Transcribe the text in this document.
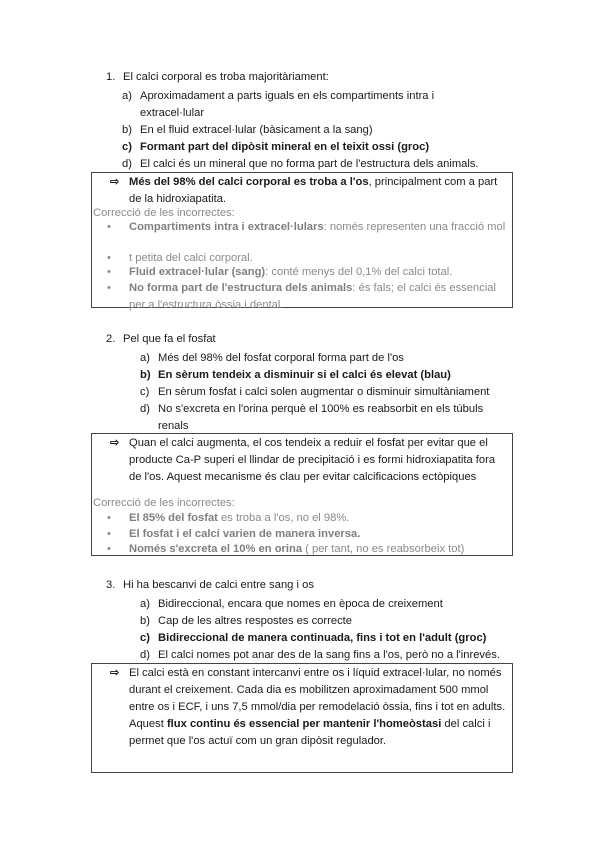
1. El calci corporal es troba majoritàriament:
a) Aproximadament a parts iguals en els compartiments intra i
extracel·lular
b) En el fluid extracel·lular (bàsicament a la sang)
c) Formant part del dipòsit mineral en el teixit ossi (groc)
d) El calci és un mineral que no forma part de l'estructura dels animals.
⇨ Més del 98% del calci corporal es troba a l'os, principalment com a part de la hidroxiapatita.
Correcció de les incorrectes:
• Compartiments intra i extracel·lulars: només representen una fracció mol
• t petita del calci corporal.
• Fluid extracel·lular (sang): conté menys del 0,1% del calci total.
• No forma part de l'estructura dels animals: és fals; el calci és essencial per a l'estructura òssia i dental.
2. Pel que fa el fosfat
a) Més del 98% del fosfat corporal forma part de l'os
b) En sèrum tendeix a disminuir si el calci és elevat (blau)
c) En sèrum fosfat i calci solen augmentar o disminuir simultàniament
d) No s'excreta en l'orina perquè el 100% es reabsorbit en els túbuls
renals
⇨ Quan el calci augmenta, el cos tendeix a reduir el fosfat per evitar que el producte Ca-P superi el llindar de precipitació i es formi hidroxiapatita fora de l'os. Aquest mecanisme és clau per evitar calcificacions ectòpiques
Correcció de les incorrectes:
• El 85% del fosfat es troba a l'os, no el 98%.
• El fosfat i el calci varien de manera inversa.
• Només s'excreta el 10% en orina ( per tant, no es reabsorbeix tot)
3. Hi ha bescanvi de calci entre sang i os
a) Bidireccional, encara que nomes en època de creixement
b) Cap de les altres respostes es correcte
c) Bidireccional de manera continuada, fins i tot en l'adult (groc)
d) El calci nomes pot anar des de la sang fins a l'os, però no a l'inrevés.
⇨ El calci està en constant intercanvi entre os i líquid extracel·lular, no només durant el creixement. Cada dia es mobilitzen aproximadament 500 mmol entre os i ECF, i uns 7,5 mmol/dia per remodelació òssia, fins i tot en adults. Aquest flux continu és essencial per mantenir l'homeòstasi del calci i permet que l'os actuï com un gran dipòsit regulador.
